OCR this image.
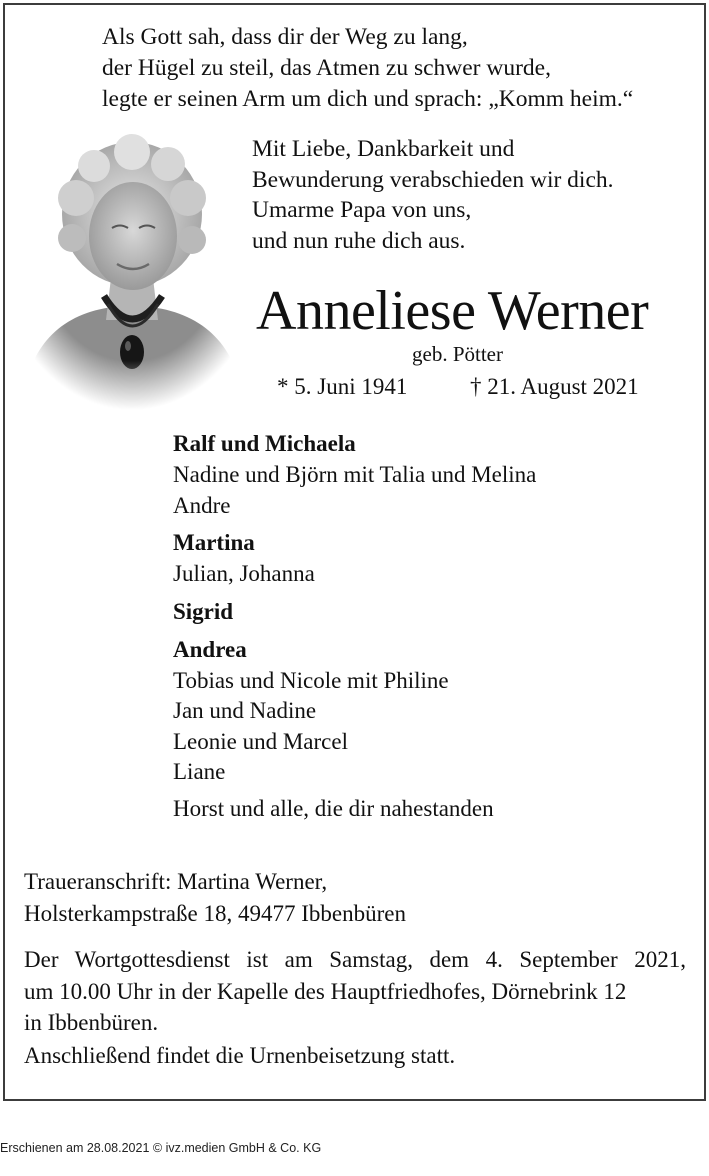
Als Gott sah, dass dir der Weg zu lang,
der Hügel zu steil, das Atmen zu schwer wurde,
legte er seinen Arm um dich und sprach: „Komm heim.“
Mit Liebe, Dankbarkeit und
Bewunderung verabschieden wir dich.
Umarme Papa von uns,
und nun ruhe dich aus.
Anneliese Werner
geb. Pötter
* 5. Juni 1941	† 21. August 2021
Ralf und Michaela
Nadine und Björn mit Talia und Melina
Andre
Martina
Julian, Johanna
Sigrid
Andrea
Tobias und Nicole mit Philine
Jan und Nadine
Leonie und Marcel
Liane
Horst und alle, die dir nahestanden
Traueranschrift: Martina Werner,
Holsterkampstraße 18, 49477 Ibbenbüren
Der Wortgottesdienst ist am Samstag, dem 4. September 2021,
um 10.00 Uhr in der Kapelle des Hauptfriedhofes, Dörnebrink 12
in Ibbenbüren.
Anschließend findet die Urnenbeisetzung statt.
Erschienen am 28.08.2021 © ivz.medien GmbH & Co. KG
